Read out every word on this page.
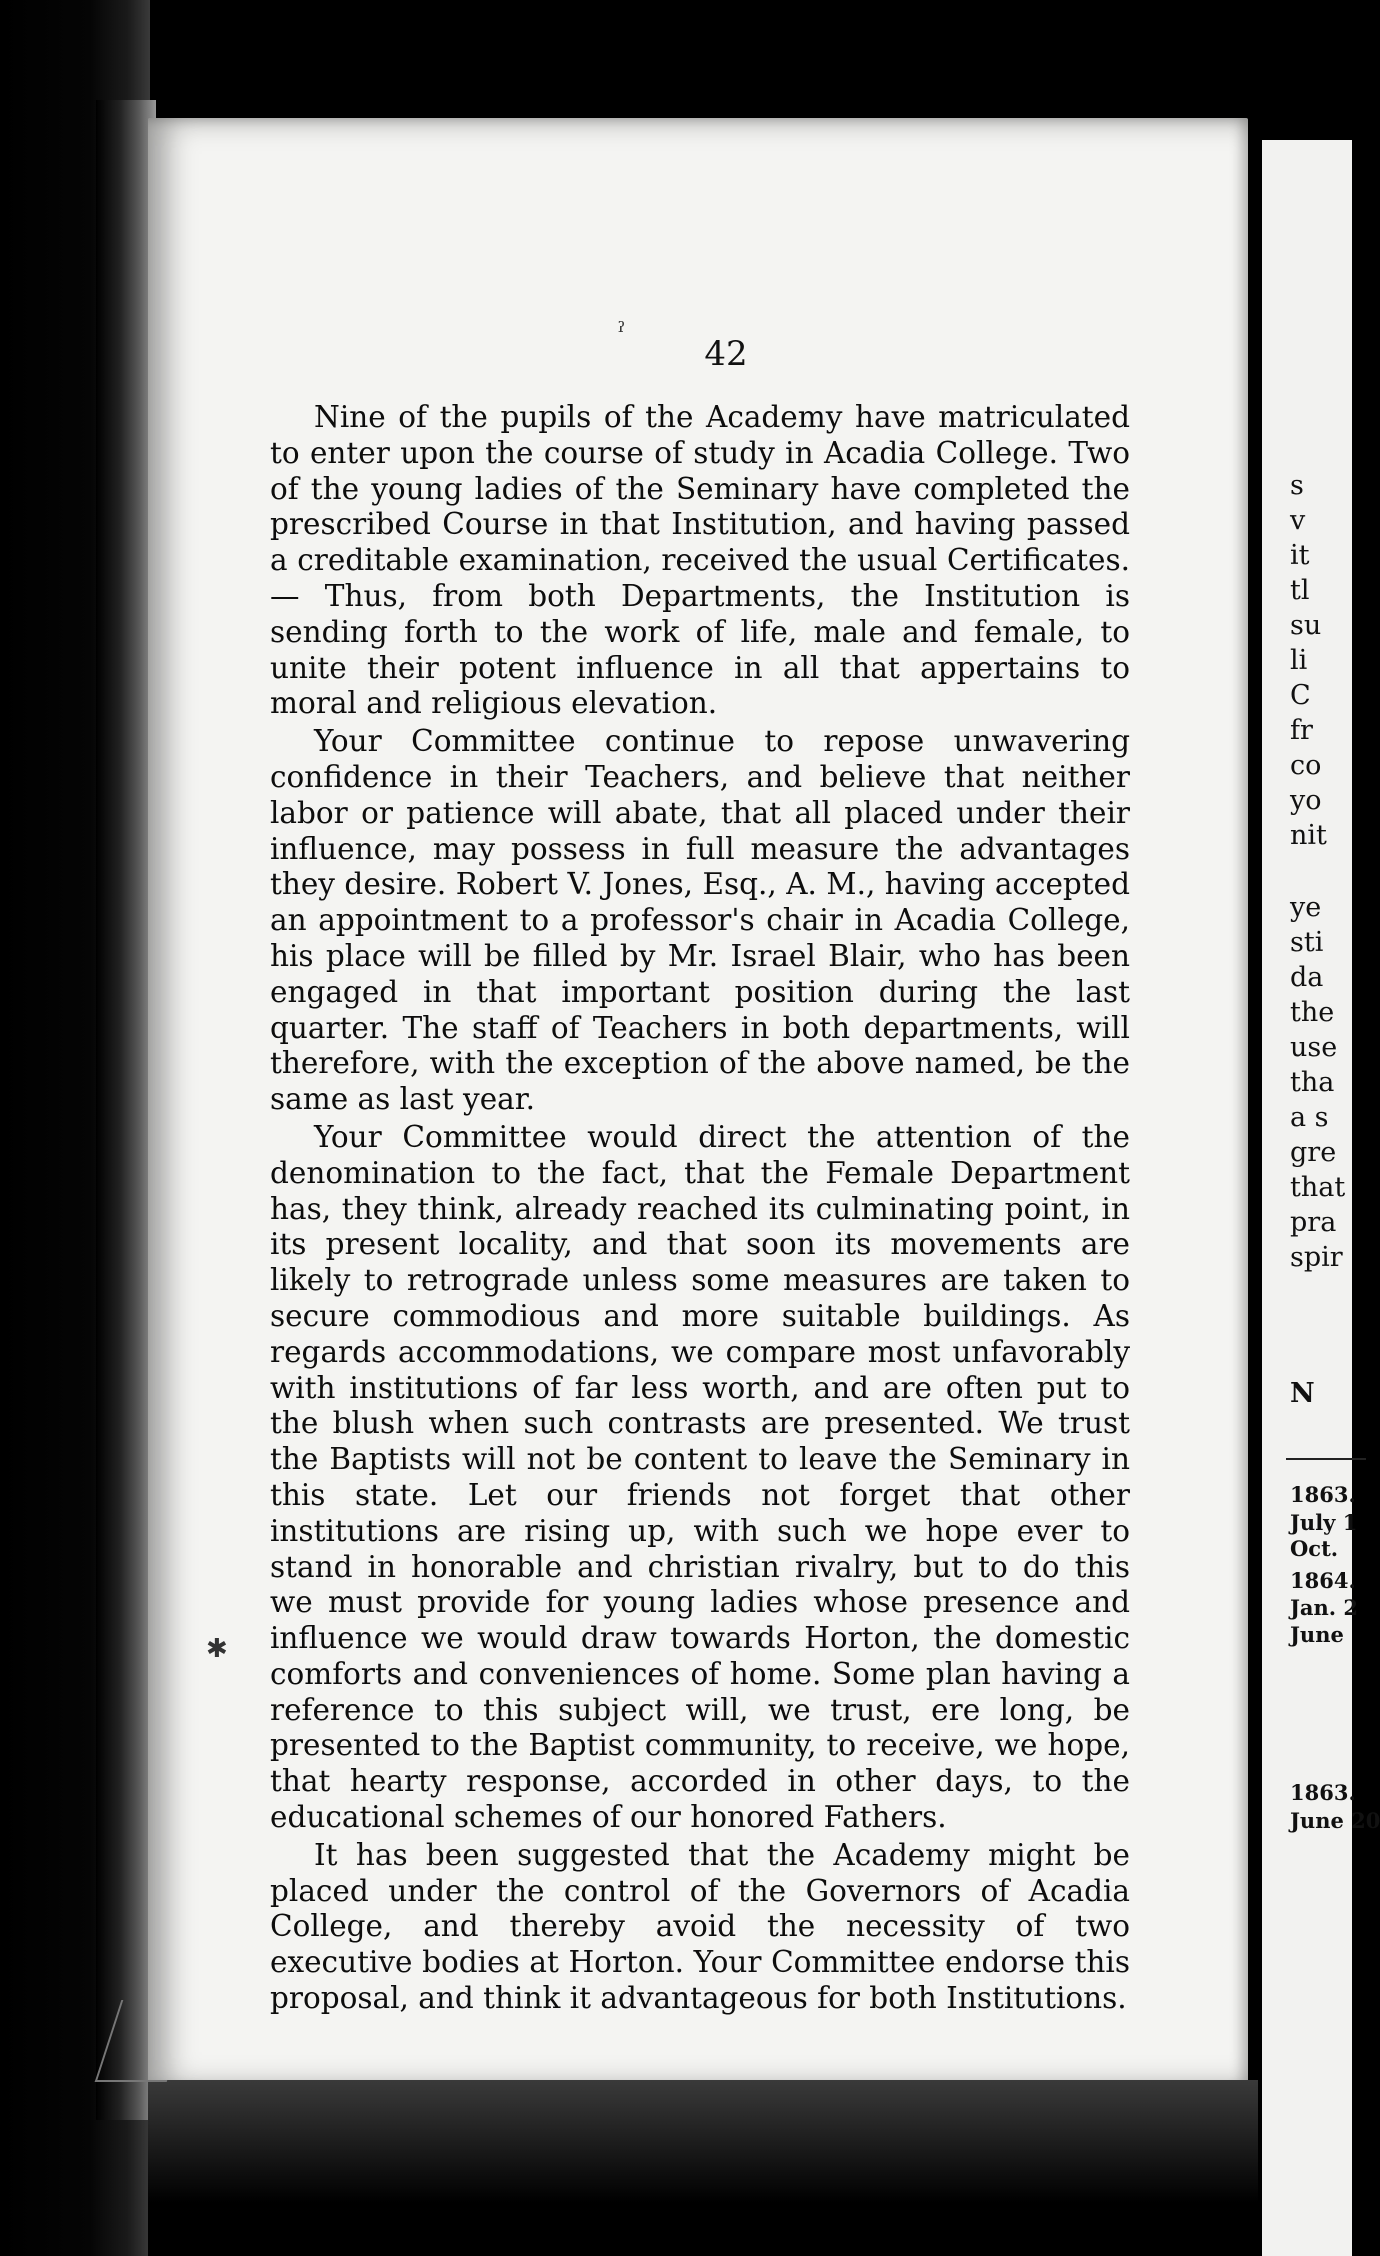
42

Nine of the pupils of the Academy have matriculated to enter upon the course of study in Acadia College. Two of the young ladies of the Seminary have completed the prescribed Course in that Institution, and having passed a creditable examination, received the usual Certificates.— Thus, from both Departments, the Institution is sending forth to the work of life, male and female, to unite their potent influence in all that appertains to moral and religious elevation.

Your Committee continue to repose unwavering confidence in their Teachers, and believe that neither labor or patience will abate, that all placed under their influence, may possess in full measure the advantages they desire. Robert V. Jones, Esq., A. M., having accepted an appointment to a professor's chair in Acadia College, his place will be filled by Mr. Israel Blair, who has been engaged in that important position during the last quarter. The staff of Teachers in both departments, will therefore, with the exception of the above named, be the same as last year.

Your Committee would direct the attention of the denomination to the fact, that the Female Department has, they think, already reached its culminating point, in its present locality, and that soon its movements are likely to retrograde unless some measures are taken to secure commodious and more suitable buildings. As regards accommodations, we compare most unfavorably with institutions of far less worth, and are often put to the blush when such contrasts are presented. We trust the Baptists will not be content to leave the Seminary in this state. Let our friends not forget that other institutions are rising up, with such we hope ever to stand in honorable and christian rivalry, but to do this we must provide for young ladies whose presence and influence we would draw towards Horton, the domestic comforts and conveniences of home. Some plan having a reference to this subject will, we trust, ere long, be presented to the Baptist community, to receive, we hope, that hearty response, accorded in other days, to the educational schemes of our honored Fathers.

It has been suggested that the Academy might be placed under the control of the Governors of Acadia College, and thereby avoid the necessity of two executive bodies at Horton. Your Committee endorse this proposal, and think it advantageous for both Institutions.

s
v
it
tl
su
li
C
fr
co
yo
nit
ye
sti
da
the
use
tha
a s
gre
that
pra
spir
N
1863.
July 1
Oct.
1864.
Jan. 2
June
1863.
June 20
ˀ
✱
